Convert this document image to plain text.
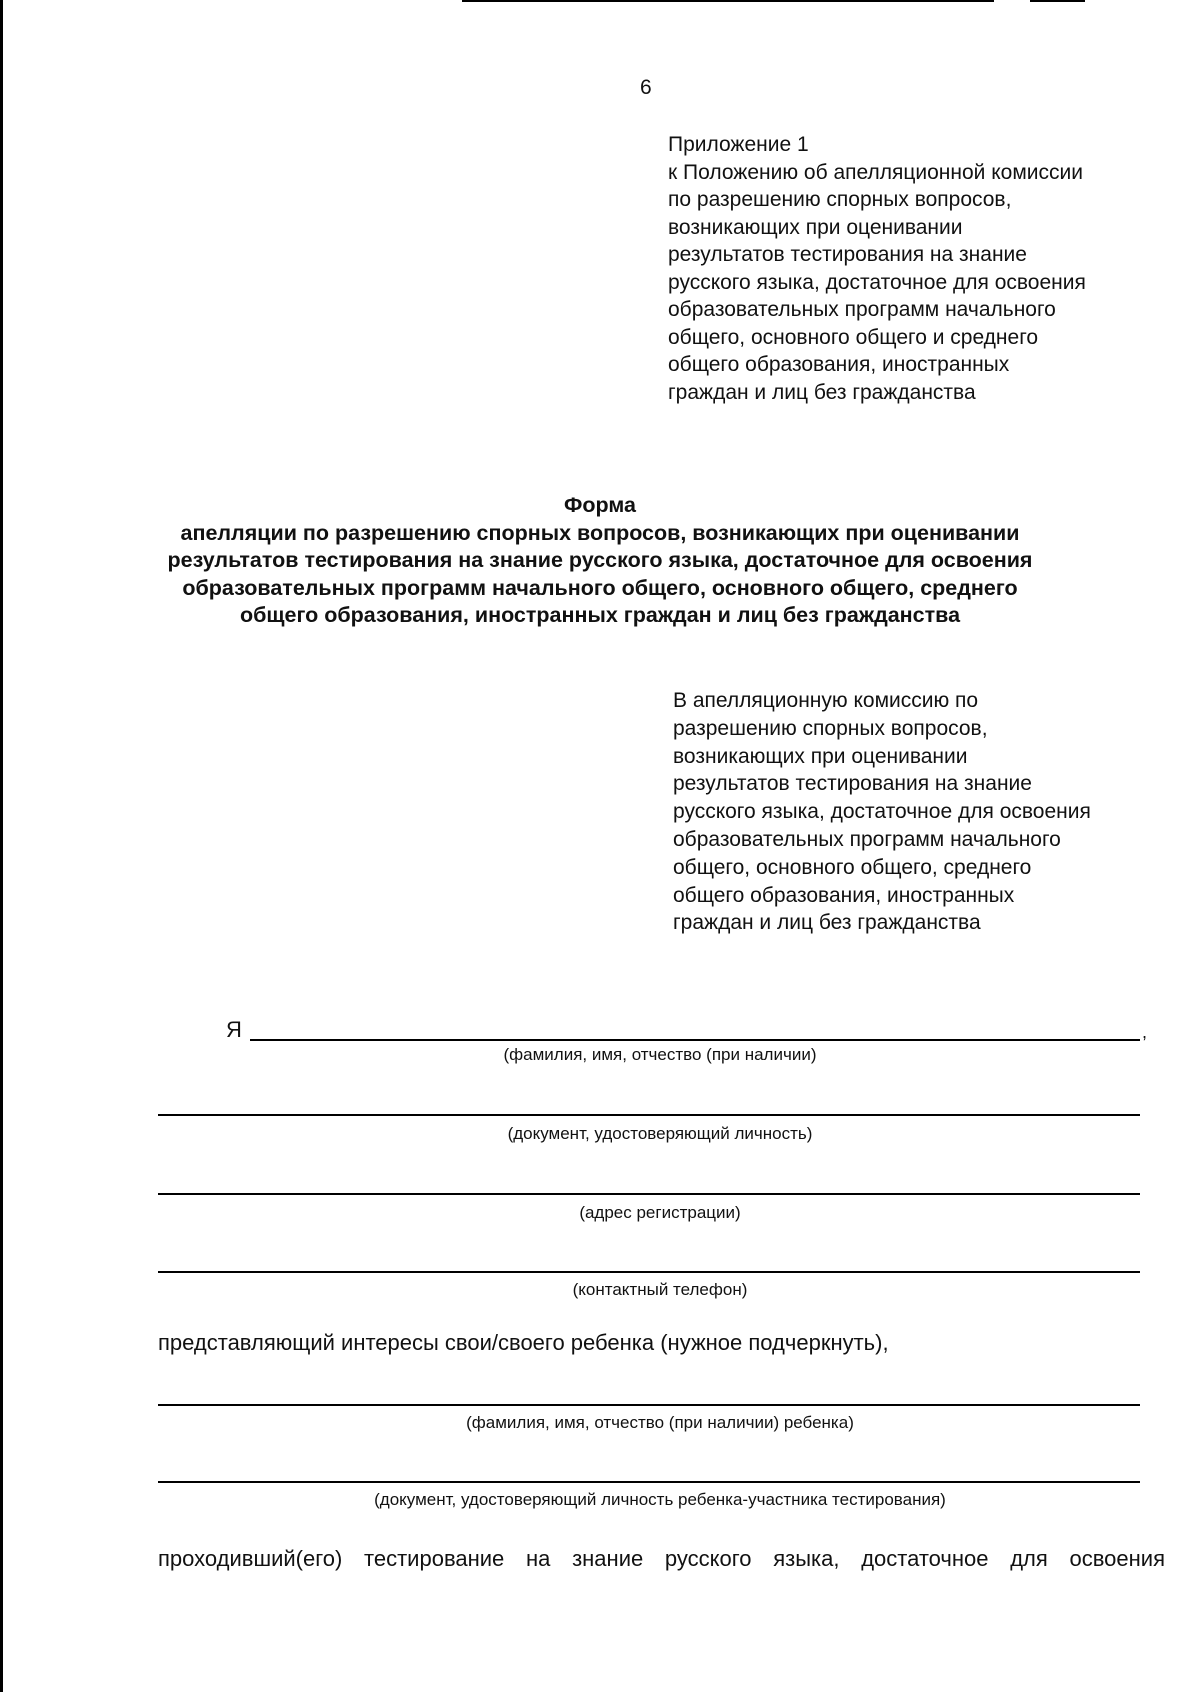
6
Приложение 1
к Положению об апелляционной комиссии
по разрешению спорных вопросов,
возникающих при оценивании
результатов тестирования на знание
русского языка, достаточное для освоения
образовательных программ начального
общего, основного общего и среднего
общего образования, иностранных
граждан и лиц без гражданства
Форма
апелляции по разрешению спорных вопросов, возникающих при оценивании
результатов тестирования на знание русского языка, достаточное для освоения
образовательных программ начального общего, основного общего, среднего
общего образования, иностранных граждан и лиц без гражданства
В апелляционную комиссию по
разрешению спорных вопросов,
возникающих при оценивании
результатов тестирования на знание
русского языка, достаточное для освоения
образовательных программ начального
общего, основного общего, среднего
общего образования, иностранных
граждан и лиц без гражданства
Я	,
(фамилия, имя, отчество (при наличии)
(документ, удостоверяющий личность)
(адрес регистрации)
(контактный телефон)
представляющий интересы свои/своего ребенка (нужное подчеркнуть),
(фамилия, имя, отчество (при наличии) ребенка)
(документ, удостоверяющий личность ребенка-участника тестирования)
проходивший(его) тестирование на знание русского языка, достаточное для освоения
